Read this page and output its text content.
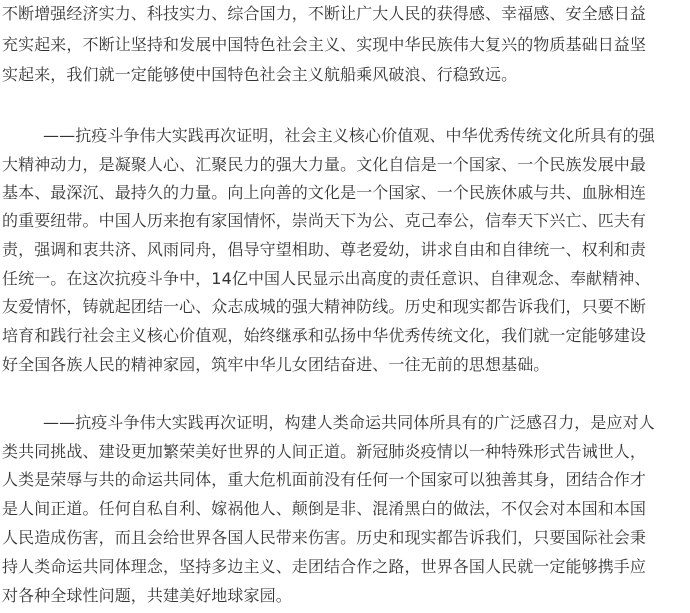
不断增强经济实力、科技实力、综合国力，不断让广大人民的获得感、幸福感、安全感日益
充实起来，不断让坚持和发展中国特色社会主义、实现中华民族伟大复兴的物质基础日益坚
实起来，我们就一定能够使中国特色社会主义航船乘风破浪、行稳致远。
——抗疫斗争伟大实践再次证明，社会主义核心价值观、中华优秀传统文化所具有的强
大精神动力，是凝聚人心、汇聚民力的强大力量。文化自信是一个国家、一个民族发展中最
基本、最深沉、最持久的力量。向上向善的文化是一个国家、一个民族休戚与共、血脉相连
的重要纽带。中国人历来抱有家国情怀，崇尚天下为公、克己奉公，信奉天下兴亡、匹夫有
责，强调和衷共济、风雨同舟，倡导守望相助、尊老爱幼，讲求自由和自律统一、权利和责
任统一。在这次抗疫斗争中，14亿中国人民显示出高度的责任意识、自律观念、奉献精神、
友爱情怀，铸就起团结一心、众志成城的强大精神防线。历史和现实都告诉我们，只要不断
培育和践行社会主义核心价值观，始终继承和弘扬中华优秀传统文化，我们就一定能够建设
好全国各族人民的精神家园，筑牢中华儿女团结奋进、一往无前的思想基础。
——抗疫斗争伟大实践再次证明，构建人类命运共同体所具有的广泛感召力，是应对人
类共同挑战、建设更加繁荣美好世界的人间正道。新冠肺炎疫情以一种特殊形式告诫世人，
人类是荣辱与共的命运共同体，重大危机面前没有任何一个国家可以独善其身，团结合作才
是人间正道。任何自私自利、嫁祸他人、颠倒是非、混淆黑白的做法，不仅会对本国和本国
人民造成伤害，而且会给世界各国人民带来伤害。历史和现实都告诉我们，只要国际社会秉
持人类命运共同体理念，坚持多边主义、走团结合作之路，世界各国人民就一定能够携手应
对各种全球性问题，共建美好地球家园。
